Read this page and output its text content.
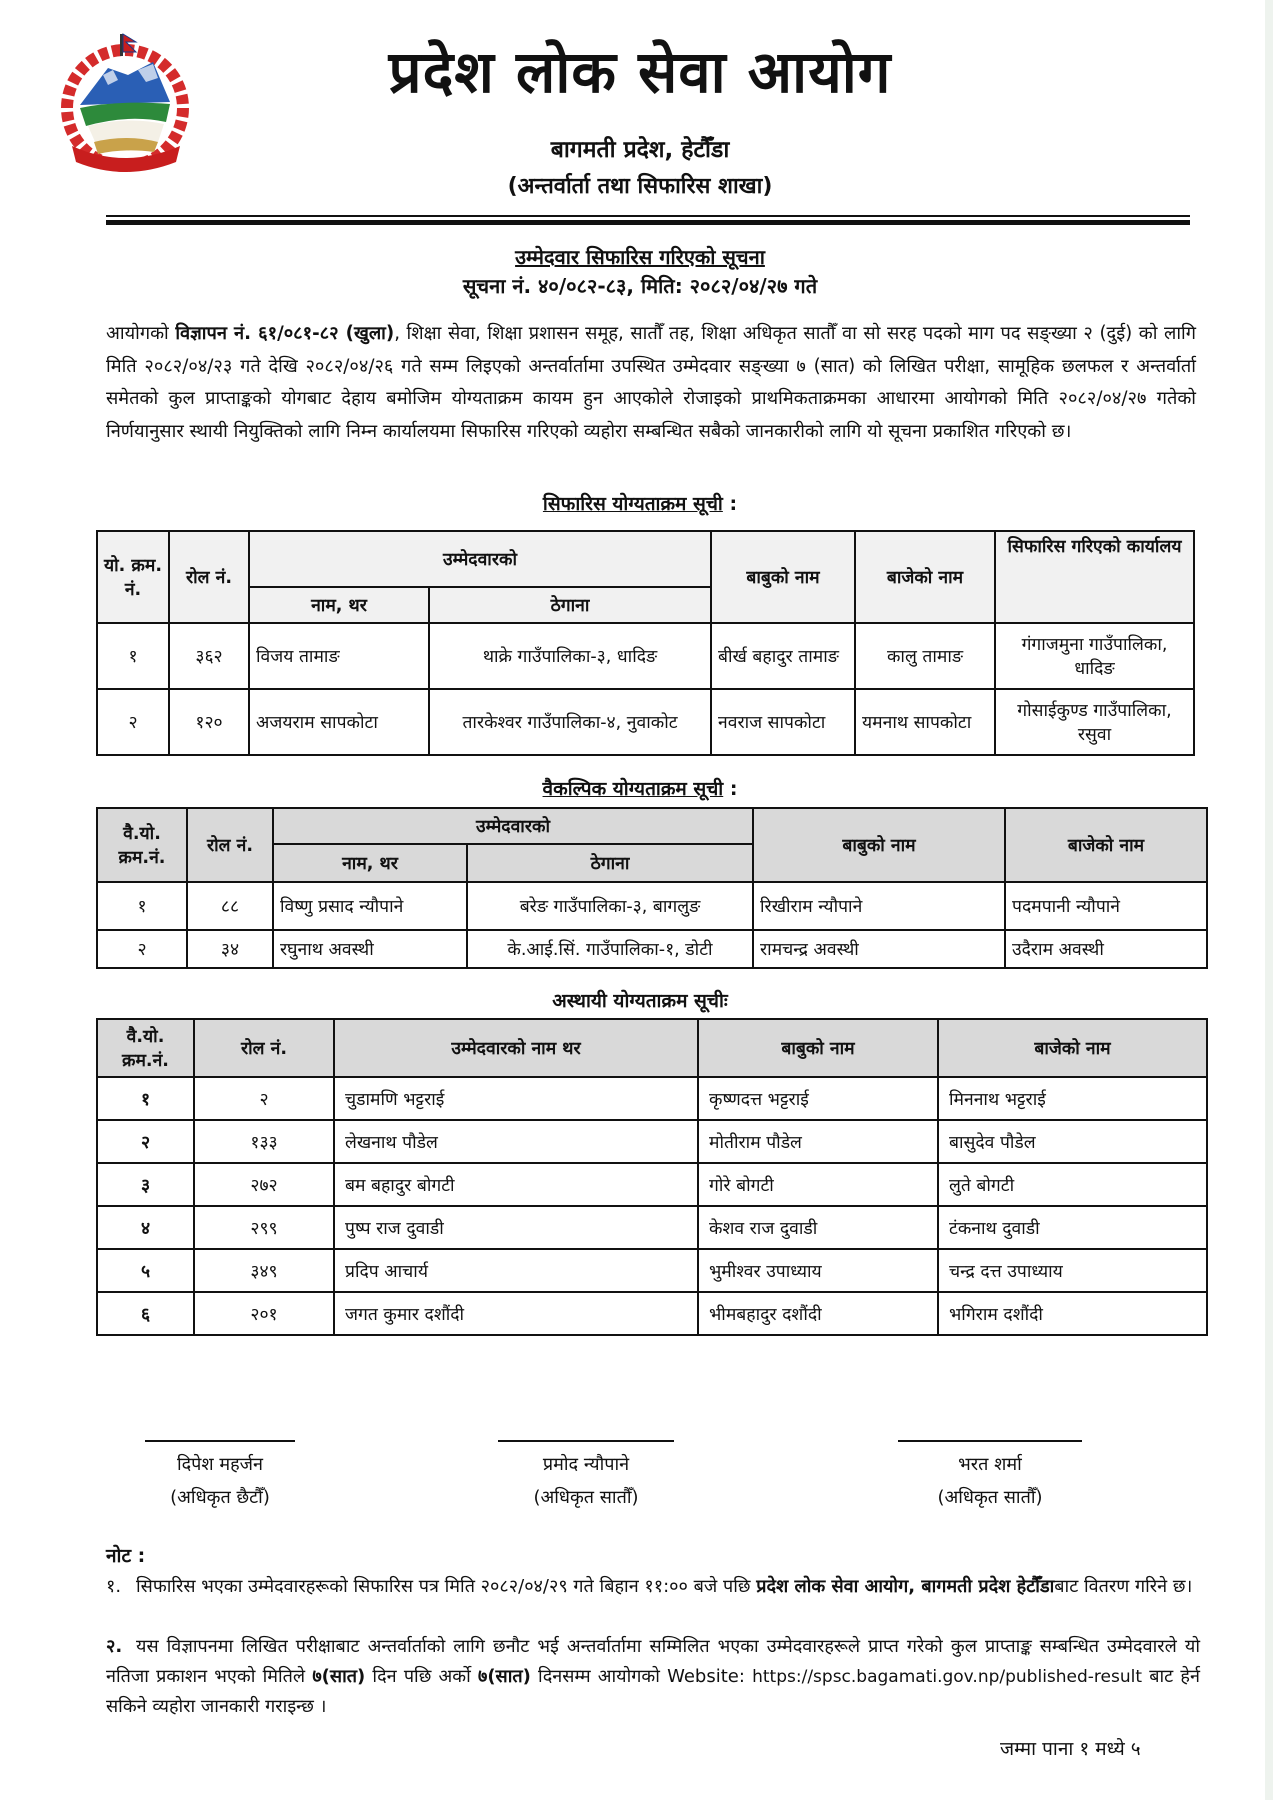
प्रदेश लोक सेवा आयोग
बागमती प्रदेश, हेटौँडा
(अन्तर्वार्ता तथा सिफारिस शाखा)
उम्मेदवार सिफारिस गरिएको सूचना
सूचना नं. ४०/०८२-८३, मिति: २०८२/०४/२७ गते
आयोगको विज्ञापन नं. ६१/०८१-८२ (खुला), शिक्षा सेवा, शिक्षा प्रशासन समूह, सातौँ तह, शिक्षा अधिकृत सातौँ वा सो सरह पदको माग पद सङ्ख्या २ (दुई) को लागि मिति २०८२/०४/२३ गते देखि २०८२/०४/२६ गते सम्म लिइएको अन्तर्वार्तामा उपस्थित उम्मेदवार सङ्ख्या ७ (सात) को लिखित परीक्षा, सामूहिक छलफल र अन्तर्वार्ता समेतको कुल प्राप्ताङ्कको योगबाट देहाय बमोजिम योग्यताक्रम कायम हुन आएकोले रोजाइको प्राथमिकताक्रमका आधारमा आयोगको मिति २०८२/०४/२७ गतेको निर्णयानुसार स्थायी नियुक्तिको लागि निम्न कार्यालयमा सिफारिस गरिएको व्यहोरा सम्बन्धित सबैको जानकारीको लागि यो सूचना प्रकाशित गरिएको छ।
सिफारिस योग्यताक्रम सूची :
यो. क्रम. नं.	रोल नं.	उम्मेदवारको		बाबुको नाम	बाजेको नाम	सिफारिस गरिएको कार्यालय
		नाम, थर	ठेगाना			
१	३६२	विजय तामाङ	थाक्रे गाउँपालिका-३, धादिङ	बीर्ख बहादुर तामाङ	कालु तामाङ	गंगाजमुना गाउँपालिका, धादिङ
२	१२०	अजयराम सापकोटा	तारकेश्वर गाउँपालिका-४, नुवाकोट	नवराज सापकोटा	यमनाथ सापकोटा	गोसाईकुण्ड गाउँपालिका, रसुवा
वैकल्पिक योग्यताक्रम सूची :
वै.यो. क्रम.नं.	रोल नं.	उम्मेदवारको		बाबुको नाम	बाजेको नाम
		नाम, थर	ठेगाना		
१	८८	विष्णु प्रसाद न्यौपाने	बरेङ गाउँपालिका-३, बागलुङ	रिखीराम न्यौपाने	पदमपानी न्यौपाने
२	३४	रघुनाथ अवस्थी	के.आई.सिं. गाउँपालिका-१, डोटी	रामचन्द्र अवस्थी	उदैराम अवस्थी
अस्थायी योग्यताक्रम सूचीः
वै.यो. क्रम.नं.	रोल नं.	उम्मेदवारको नाम थर	बाबुको नाम	बाजेको नाम
१	२	चुडामणि भट्टराई	कृष्णदत्त भट्टराई	मिननाथ भट्टराई
२	१३३	लेखनाथ पौडेल	मोतीराम पौडेल	बासुदेव पौडेल
३	२७२	बम बहादुर बोगटी	गोरे बोगटी	लुते बोगटी
४	२९९	पुष्प राज दुवाडी	केशव राज दुवाडी	टंकनाथ दुवाडी
५	३४९	प्रदिप आचार्य	भुमीश्वर उपाध्याय	चन्द्र दत्त उपाध्याय
६	२०१	जगत कुमार दशौंदी	भीमबहादुर दशौंदी	भगिराम दशौंदी
दिपेश महर्जन
(अधिकृत छैटौँ)
प्रमोद न्यौपाने
(अधिकृत सातौँ)
भरत शर्मा
(अधिकृत सातौँ)
नोट :
१. सिफारिस भएका उम्मेदवारहरूको सिफारिस पत्र मिति २०८२/०४/२९ गते बिहान ११:०० बजे पछि प्रदेश लोक सेवा आयोग, बागमती प्रदेश हेटौँडाबाट वितरण गरिने छ।
२. यस विज्ञापनमा लिखित परीक्षाबाट अन्तर्वार्ताको लागि छनौट भई अन्तर्वार्तामा सम्मिलित भएका उम्मेदवारहरूले प्राप्त गरेको कुल प्राप्ताङ्क सम्बन्धित उम्मेदवारले यो नतिजा प्रकाशन भएको मितिले ७(सात) दिन पछि अर्को ७(सात) दिनसम्म आयोगको Website: https://spsc.bagamati.gov.np/published-result बाट हेर्न सकिने व्यहोरा जानकारी गराइन्छ ।
जम्मा पाना १ मध्ये ५
